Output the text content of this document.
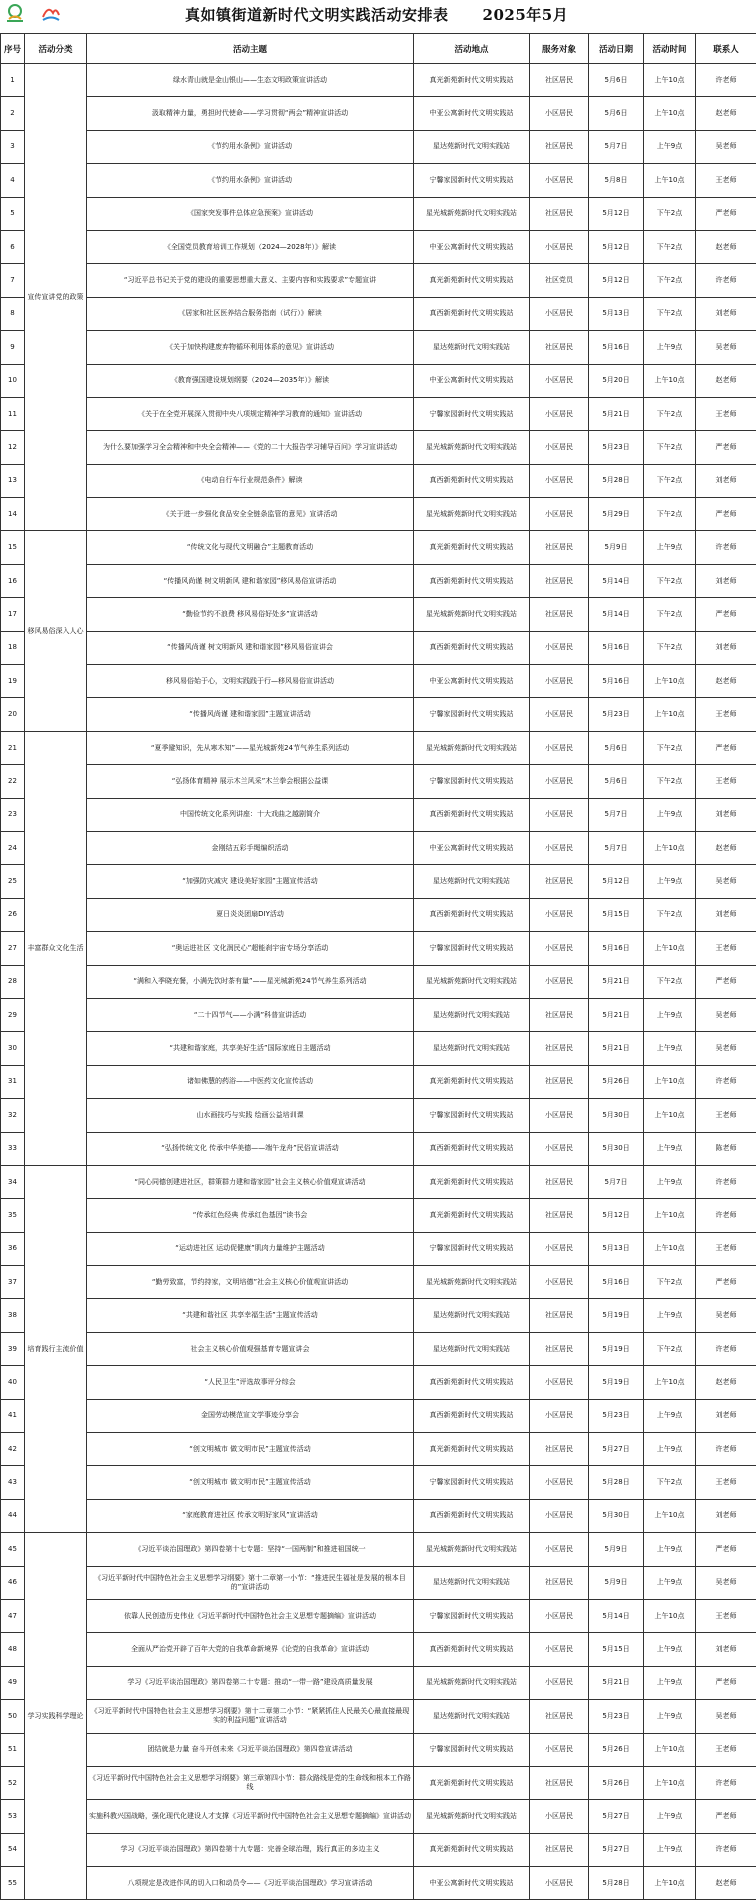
真如镇街道新时代文明实践活动安排表 2025年5月
序号	活动分类	活动主题	活动地点	服务对象	活动日期	活动时间	联系人
1	宣传宣讲党的政策	绿水青山就是金山银山——生态文明政策宣讲活动	真光新苑新时代文明实践站	社区居民	5月6日	上午10点	许老师
2		汲取精神力量，勇担时代使命——学习贯彻“两会”精神宣讲活动	中亚公寓新时代文明实践站	小区居民	5月6日	上午10点	赵老师
3		《节约用水条例》宣讲活动	星达苑新时代文明实践站	社区居民	5月7日	上午9点	吴老师
4		《节约用水条例》宣讲活动	宁馨家园新时代文明实践站	小区居民	5月8日	上午10点	王老师
5		《国家突发事件总体应急预案》宣讲活动	星光城新苑新时代文明实践站	社区居民	5月12日	下午2点	严老师
6		《全国党员教育培训工作规划（2024—2028年）》解读	中亚公寓新时代文明实践站	小区居民	5月12日	下午2点	赵老师
7		“习近平总书记关于党的建设的重要思想重大意义、主要内容和实践要求”专题宣讲	真光新苑新时代文明实践站	社区党员	5月12日	下午2点	许老师
8		《居家和社区医养结合服务指南（试行）》解读	真西新苑新时代文明实践站	小区居民	5月13日	下午2点	刘老师
9		《关于加快构建废弃物循环利用体系的意见》宣讲活动	星达苑新时代文明实践站	社区居民	5月16日	上午9点	吴老师
10		《教育强国建设规划纲要（2024—2035年）》解读	中亚公寓新时代文明实践站	小区居民	5月20日	上午10点	赵老师
11		《关于在全党开展深入贯彻中央八项规定精神学习教育的通知》宣讲活动	宁馨家园新时代文明实践站	小区居民	5月21日	下午2点	王老师
12		为什么要加强学习全会精神和中央全会精神——《党的二十大报告学习辅导百问》学习宣讲活动	星光城新苑新时代文明实践站	小区居民	5月23日	下午2点	严老师
13		《电动自行车行业规范条件》解读	真西新苑新时代文明实践站	小区居民	5月28日	下午2点	刘老师
14		《关于进一步强化食品安全全链条监管的意见》宣讲活动	星光城新苑新时代文明实践站	小区居民	5月29日	下午2点	严老师
15	移风易俗深入人心	“传统文化与现代文明融合”主题教育活动	真光新苑新时代文明实践站	社区居民	5月9日	上午9点	许老师
16		“传播风尚谨 树文明新风 建和谐家园”移风易俗宣讲活动	真西新苑新时代文明实践站	社区居民	5月14日	下午2点	刘老师
17		“勤俭节约不浪费 移风易俗好处多”宣讲活动	星光城新苑新时代文明实践站	社区居民	5月14日	下午2点	严老师
18		“传播风尚谨 树文明新风 建和谐家园”移风易俗宣讲会	真西新苑新时代文明实践站	小区居民	5月16日	下午2点	刘老师
19		移风易俗始于心，文明实践践于行—移风易俗宣讲活动	中亚公寓新时代文明实践站	小区居民	5月16日	上午10点	赵老师
20		“传播风尚谨 建和谐家园”主题宣讲活动	宁馨家园新时代文明实践站	小区居民	5月23日	上午10点	王老师
21	丰富群众文化生活	“夏季避知识，先从寒木知”——星光城新苑24节气养生系列活动	星光城新苑新时代文明实践站	小区居民	5月6日	下午2点	严老师
22		“弘扬体育精神 展示木兰风采”木兰拳会根据公益课	宁馨家园新时代文明实践站	小区居民	5月6日	下午2点	王老师
23		中国传统文化系列讲座：十大戏曲之越剧简介	真西新苑新时代文明实践站	小区居民	5月7日	上午9点	刘老师
24		金刚结五彩手绳编织活动	中亚公寓新时代文明实践站	小区居民	5月7日	上午10点	赵老师
25		“加强防灾减灾 建设美好家园”主题宣传活动	星达苑新时代文明实践站	社区居民	5月12日	上午9点	吴老师
26		夏日炎炎团扇DIY活动	真西新苑新时代文明实践站	小区居民	5月15日	下午2点	刘老师
27		“奥运进社区 文化润民心”超能刹宇宙专场分享活动	宁馨家园新时代文明实践站	小区居民	5月16日	上午10点	王老师
28		“满和入季晓充餐，小满先饮时茶有量”——星光城新苑24节气养生系列活动	星光城新苑新时代文明实践站	小区居民	5月21日	下午2点	严老师
29		“二十四节气——小满”科普宣讲活动	星达苑新时代文明实践站	社区居民	5月21日	上午9点	吴老师
30		“共建和谐家庭，共享美好生活”国际家庭日主题活动	星达苑新时代文明实践站	社区居民	5月21日	上午9点	吴老师
31		诸如佛慧的药浴——中医药文化宣传活动	真光新苑新时代文明实践站	社区居民	5月26日	上午10点	许老师
32		山水画技巧与实践 绘画公益培训课	宁馨家园新时代文明实践站	小区居民	5月30日	上午10点	王老师
33		“弘扬传统文化 传承中华美德——端午龙舟”民俗宣讲活动	真西新苑新时代文明实践站	小区居民	5月30日	上午9点	陈老师
34	培育践行主流价值	“同心同德创建进社区，群策群力建和谐家园”社会主义核心价值观宣讲活动	真光新苑新时代文明实践站	社区居民	5月7日	上午9点	许老师
35		“传承红色经典 传承红色基因”读书会	真光新苑新时代文明实践站	社区居民	5月12日	上午10点	许老师
36		“运动进社区 运动促健康”肌肉力量维护主题活动	宁馨家园新时代文明实践站	小区居民	5月13日	上午10点	王老师
37		“勤劳致富，节约持家，文明培德”社会主义核心价值观宣讲活动	星光城新苑新时代文明实践站	小区居民	5月16日	下午2点	严老师
38		“共建和谐社区 共享幸福生活”主题宣传活动	星达苑新时代文明实践站	社区居民	5月19日	上午9点	吴老师
39		社会主义核心价值观强基育专题宣讲会	星达苑新时代文明实践站	社区居民	5月19日	下午2点	许老师
40		“人民卫生”评选故事评分综会	真西新苑新时代文明实践站	小区居民	5月19日	上午10点	赵老师
41		金国劳动模范宣文学事迹分享会	真西新苑新时代文明实践站	小区居民	5月23日	上午9点	刘老师
42		“创文明城市 做文明市民”主题宣传活动	真光新苑新时代文明实践站	社区居民	5月27日	上午9点	许老师
43		“创文明城市 做文明市民”主题宣传活动	宁馨家园新时代文明实践站	小区居民	5月28日	下午2点	王老师
44		“家庭教育进社区 传承文明好家风”宣讲活动	真西新苑新时代文明实践站	小区居民	5月30日	上午10点	刘老师
45	学习实践科学理论	《习近平谈治国理政》第四卷第十七专题：坚持“一国两制”和推进祖国统一	星光城新苑新时代文明实践站	小区居民	5月9日	上午9点	严老师
46		《习近平新时代中国特色社会主义思想学习纲要》第十二章第一小节：“推进民生福祉是发展的根本目的”宣讲活动	星达苑新时代文明实践站	社区居民	5月9日	上午9点	吴老师
47		依靠人民创造历史伟业《习近平新时代中国特色社会主义思想专题摘编》宣讲活动	宁馨家园新时代文明实践站	小区居民	5月14日	上午10点	王老师
48		全面从严治党开辟了百年大党的自我革命新境界《论党的自我革命》宣讲活动	真西新苑新时代文明实践站	小区居民	5月15日	上午9点	刘老师
49		学习《习近平谈治国理政》第四卷第二十专题：推动“一带一路”建设高质量发展	星光城新苑新时代文明实践站	小区居民	5月21日	上午9点	严老师
50		《习近平新时代中国特色社会主义思想学习纲要》第十二章第二小节：“紧紧抓住人民最关心最直接最现实的利益问题”宣讲活动	星达苑新时代文明实践站	社区居民	5月23日	上午9点	吴老师
51		团结就是力量 奋斗开创未来《习近平谈治国理政》第四卷宣讲活动	宁馨家园新时代文明实践站	小区居民	5月26日	上午10点	王老师
52		《习近平新时代中国特色社会主义思想学习纲要》第三章第四小节：群众路线是党的生命线和根本工作路线	真光新苑新时代文明实践站	社区居民	5月26日	上午10点	许老师
53		实施科教兴国战略，强化现代化建设人才支撑《习近平新时代中国特色社会主义思想专题摘编》宣讲活动	星光城新苑新时代文明实践站	小区居民	5月27日	上午9点	严老师
54		学习《习近平谈治国理政》第四卷第十九专题：完善全球治理，践行真正的多边主义	真光新苑新时代文明实践站	社区居民	5月27日	上午9点	许老师
55		八项规定是改进作风的切入口和动员令——《习近平谈治国理政》学习宣讲活动	中亚公寓新时代文明实践站	小区居民	5月28日	上午10点	赵老师
